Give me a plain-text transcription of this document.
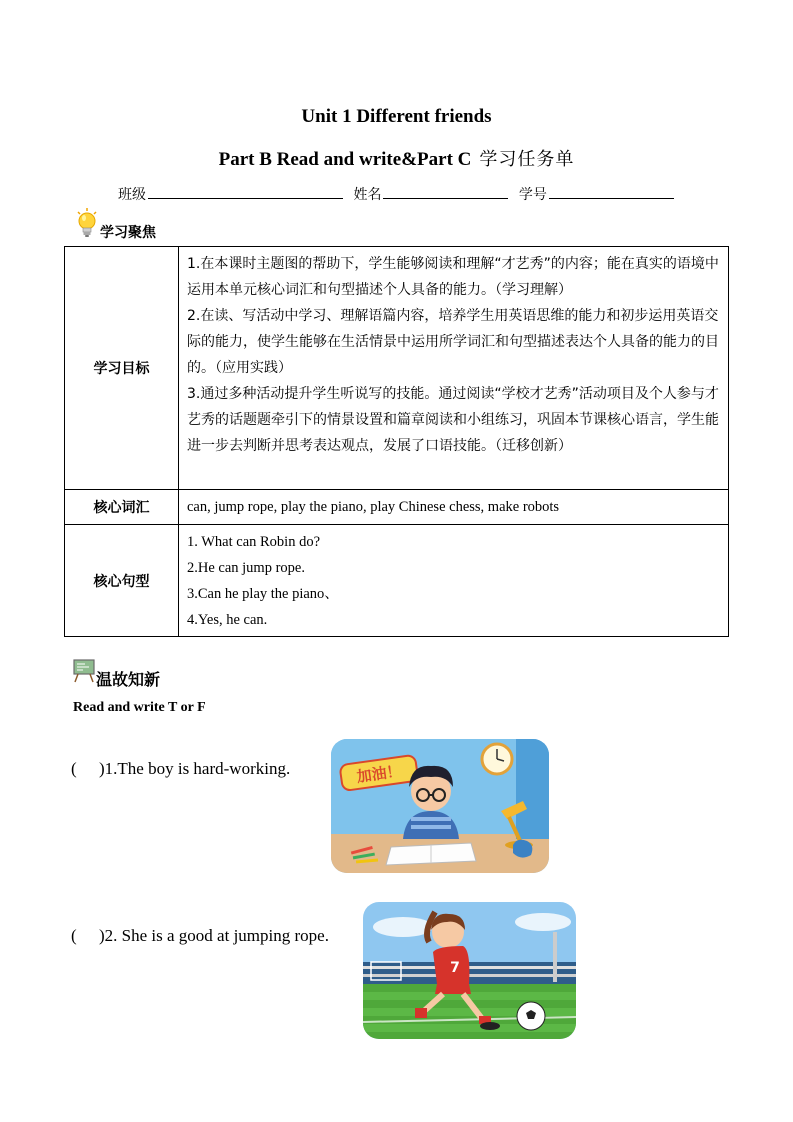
Unit 1 Different friends
Part B Read and write&Part C 学习任务单
班级	姓名	学号
学习聚焦
学习目标	1.在本课时主题图的帮助下，学生能够阅读和理解“才艺秀”的内容；能在真实的语境中运用本单元核心词汇和句型描述个人具备的能力。（学习理解）
2.在读、写活动中学习、理解语篇内容，培养学生用英语思维的能力和初步运用英语交际的能力，使学生能够在生活情景中运用所学词汇和句型描述表达个人具备的能力的目的。（应用实践）
3.通过多种活动提升学生听说写的技能。通过阅读“学校才艺秀”活动项目及个人参与才艺秀的话题题牵引下的情景设置和篇章阅读和小组练习，巩固本节课核心语言，学生能进一步去判断并思考表达观点，发展了口语技能。（迁移创新）

核心词汇	can, jump rope, play the piano, play Chinese chess, make robots
核心句型	1. What can Robin do?
2.He can jump rope.
3.Can he play the piano、
4.Yes, he can.
温故知新
Read and write T or F
( )1.The boy is hard-working.	加油！
( )2. She is a good at jumping rope.
7
